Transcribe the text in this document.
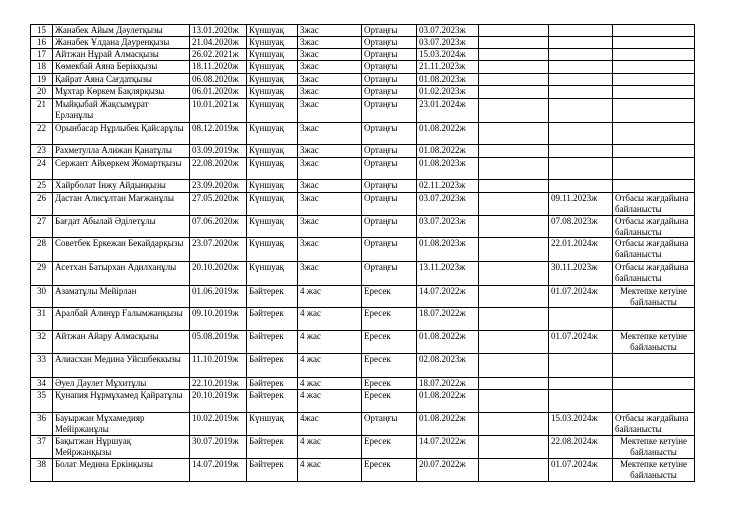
15	Жанабек Айым Дәулетқызы	13.01.2020ж	Күншуақ	3жас	Ортаңғы	03.07.2023ж			
16	Жанабек Ұлдана Дәуренқызы	21.04.2020ж	Күншуақ	3жас	Ортаңғы	03.07.2023ж			
17	Айтжан Нұрай Алмасқызы	26.02.2021ж	Күншуақ	3жас	Ортаңғы	15.03.2024ж			
18	Көмекбай Аяна Берікқызы	18.11.2020ж	Күншуақ	3жас	Ортаңғы	21.11.2023ж			
19	Қайрат Аяна Сағдатқызы	06.08.2020ж	Күншуақ	3жас	Ортаңғы	01.08.2023ж			
20	Мұхтар Көркем Бақлярқызы	06.01.2020ж	Күншуақ	3жас	Ортаңғы	01.02.2023ж			
21	Мыйқыбай Жақсымұрат Ерланұлы	10.01.2021ж	Күншуақ	3жас	Ортаңғы	23.01.2024ж			
22	Орынбасар Нұрлыбек Қайсарұлы	08.12.2019ж	Күншуақ	3жас	Ортаңғы	01.08.2022ж			
23	Рахметулла Алижан Қанатұлы	03.09.2019ж	Күншуақ	3жас	Ортаңғы	01.08.2022ж			
24	Сержант Айкөркем Жомартқызы	22.08.2020ж	Күншуақ	3жас	Ортаңғы	01.08.2023ж			
25	Хайрболат Інжу Айдынқызы	23.09.2020ж	Күншуақ	3жас	Ортаңғы	02.11.2023ж			
26	Дастан Алисұлтан Мағжанұлы	27.05.2020ж	Күншуақ	3жас	Ортаңғы	03.07.2023ж		09.11.2023ж	Отбасы жағдайына байланысты
27	Бағдат Абылай Әділетұлы	07.06.2020ж	Күншуақ	3жас	Ортаңғы	03.07.2023ж		07.08.2023ж	Отбасы жағдайына байланысты
28	Советбек Еркежан Бекайдарқызы	23.07.2020ж	Күншуақ	3жас	Ортаңғы	01.08.2023ж		22.01.2024ж	Отбасы жағдайына байланысты
29	Асетхан Батырхан Адилханұлы	20.10.2020ж	Күншуақ	3жас	Ортаңғы	13.11.2023ж		30.11.2023ж	Отбасы жағдайына байланысты
30	Азаматұлы Мейірлан	01.06.2019ж	Бәйтерек	4 жас	Ересек	14.07.2022ж		01.07.2024ж	Мектепке кетуіне байланысты
31	Аралбай Алинұр Ғалымжанқызы	09.10.2019ж	Бәйтерек	4 жас	Ересек	18.07.2022ж			
32	Айтжан Айару Алмасқызы	05.08.2019ж	Бәйтерек	4 жас	Ересек	01.08.2022ж		01.07.2024ж	Мектепке кетуіне байланысты
33	Алиасхан Медина Уйсшбеккызы	11.10.2019ж	Бәйтерек	4 жас	Ересек	02.08.2023ж			
34	Әуел Дәулет Мұхитұлы	22.10.2019ж	Бәйтерек	4 жас	Ересек	18.07.2022ж			
35	Қунапия Нұрмұхамед Қайратұлы	20.10.2019ж	Бәйтерек	4 жас	Ересек	01.08.2022ж			
36	Бауыржан Мұхамедияр Мейіржанұлы	10.02.2019ж	Күншуақ	4жас	Ортаңғы	01.08.2022ж		15.03.2024ж	Отбасы жағдайына байланысты
37	Бақытжан Нұршуақ Мейржанқызы	30.07.2019ж	Бәйтерек	4 жас	Ересек	14.07.2022ж		22.08.2024ж	Мектепке кетуіне байланысты
38	Болат Медина Еркінқызы	14.07.2019ж	Бәйтерек	4 жас	Ересек	20.07.2022ж		01.07.2024ж	Мектепке кетуіне байланысты
